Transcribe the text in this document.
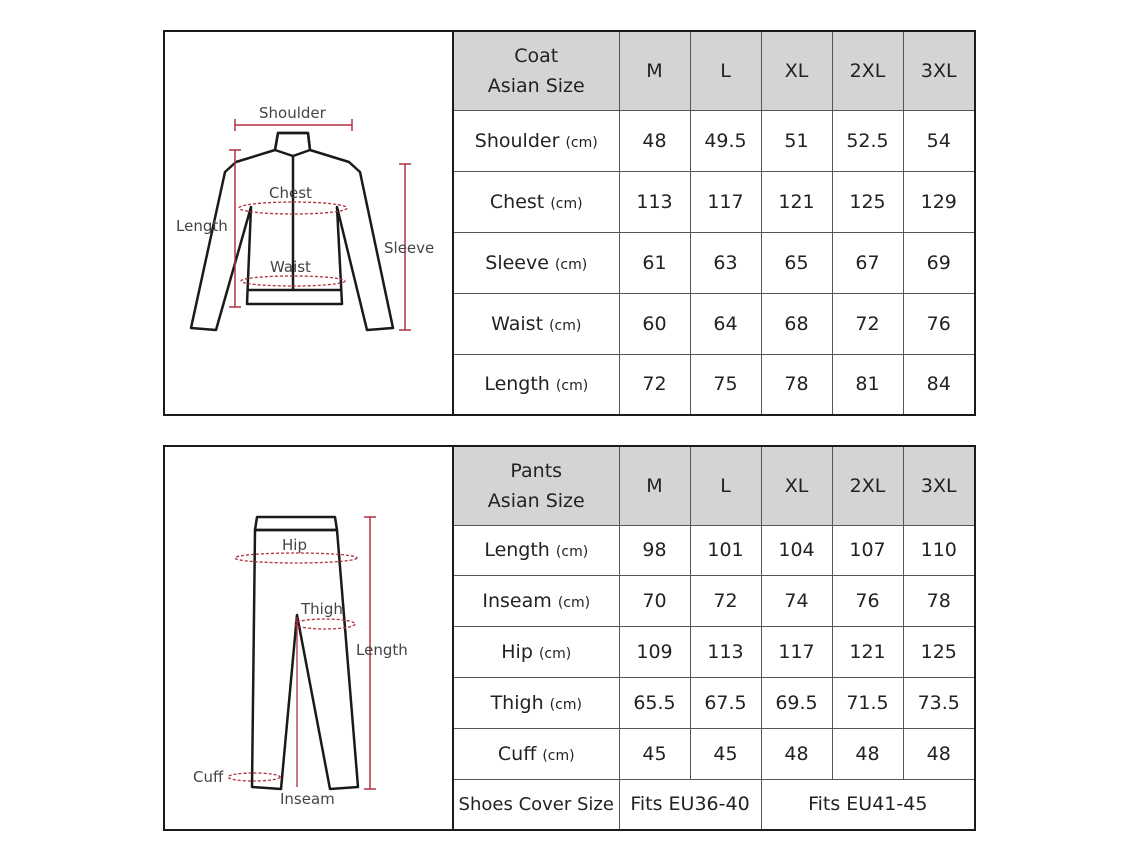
Shoulder
Chest
Waist
Length
Sleeve
Coat
Asian Size	M	L	XL	2XL	3XL
Shoulder (cm)	48	49.5	51	52.5	54
Chest (cm)	113	117	121	125	129
Sleeve (cm)	61	63	65	67	69
Waist (cm)	60	64	68	72	76
Length (cm)	72	75	78	81	84
Hip
Thigh
Inseam
Cuff
Length
Pants
Asian Size	M	L	XL	2XL	3XL
Length (cm)	98	101	104	107	110
Inseam (cm)	70	72	74	76	78
Hip (cm)	109	113	117	121	125
Thigh (cm)	65.5	67.5	69.5	71.5	73.5
Cuff (cm)	45	45	48	48	48
Shoes Cover Size	Fits EU36-40		Fits EU41-45		
